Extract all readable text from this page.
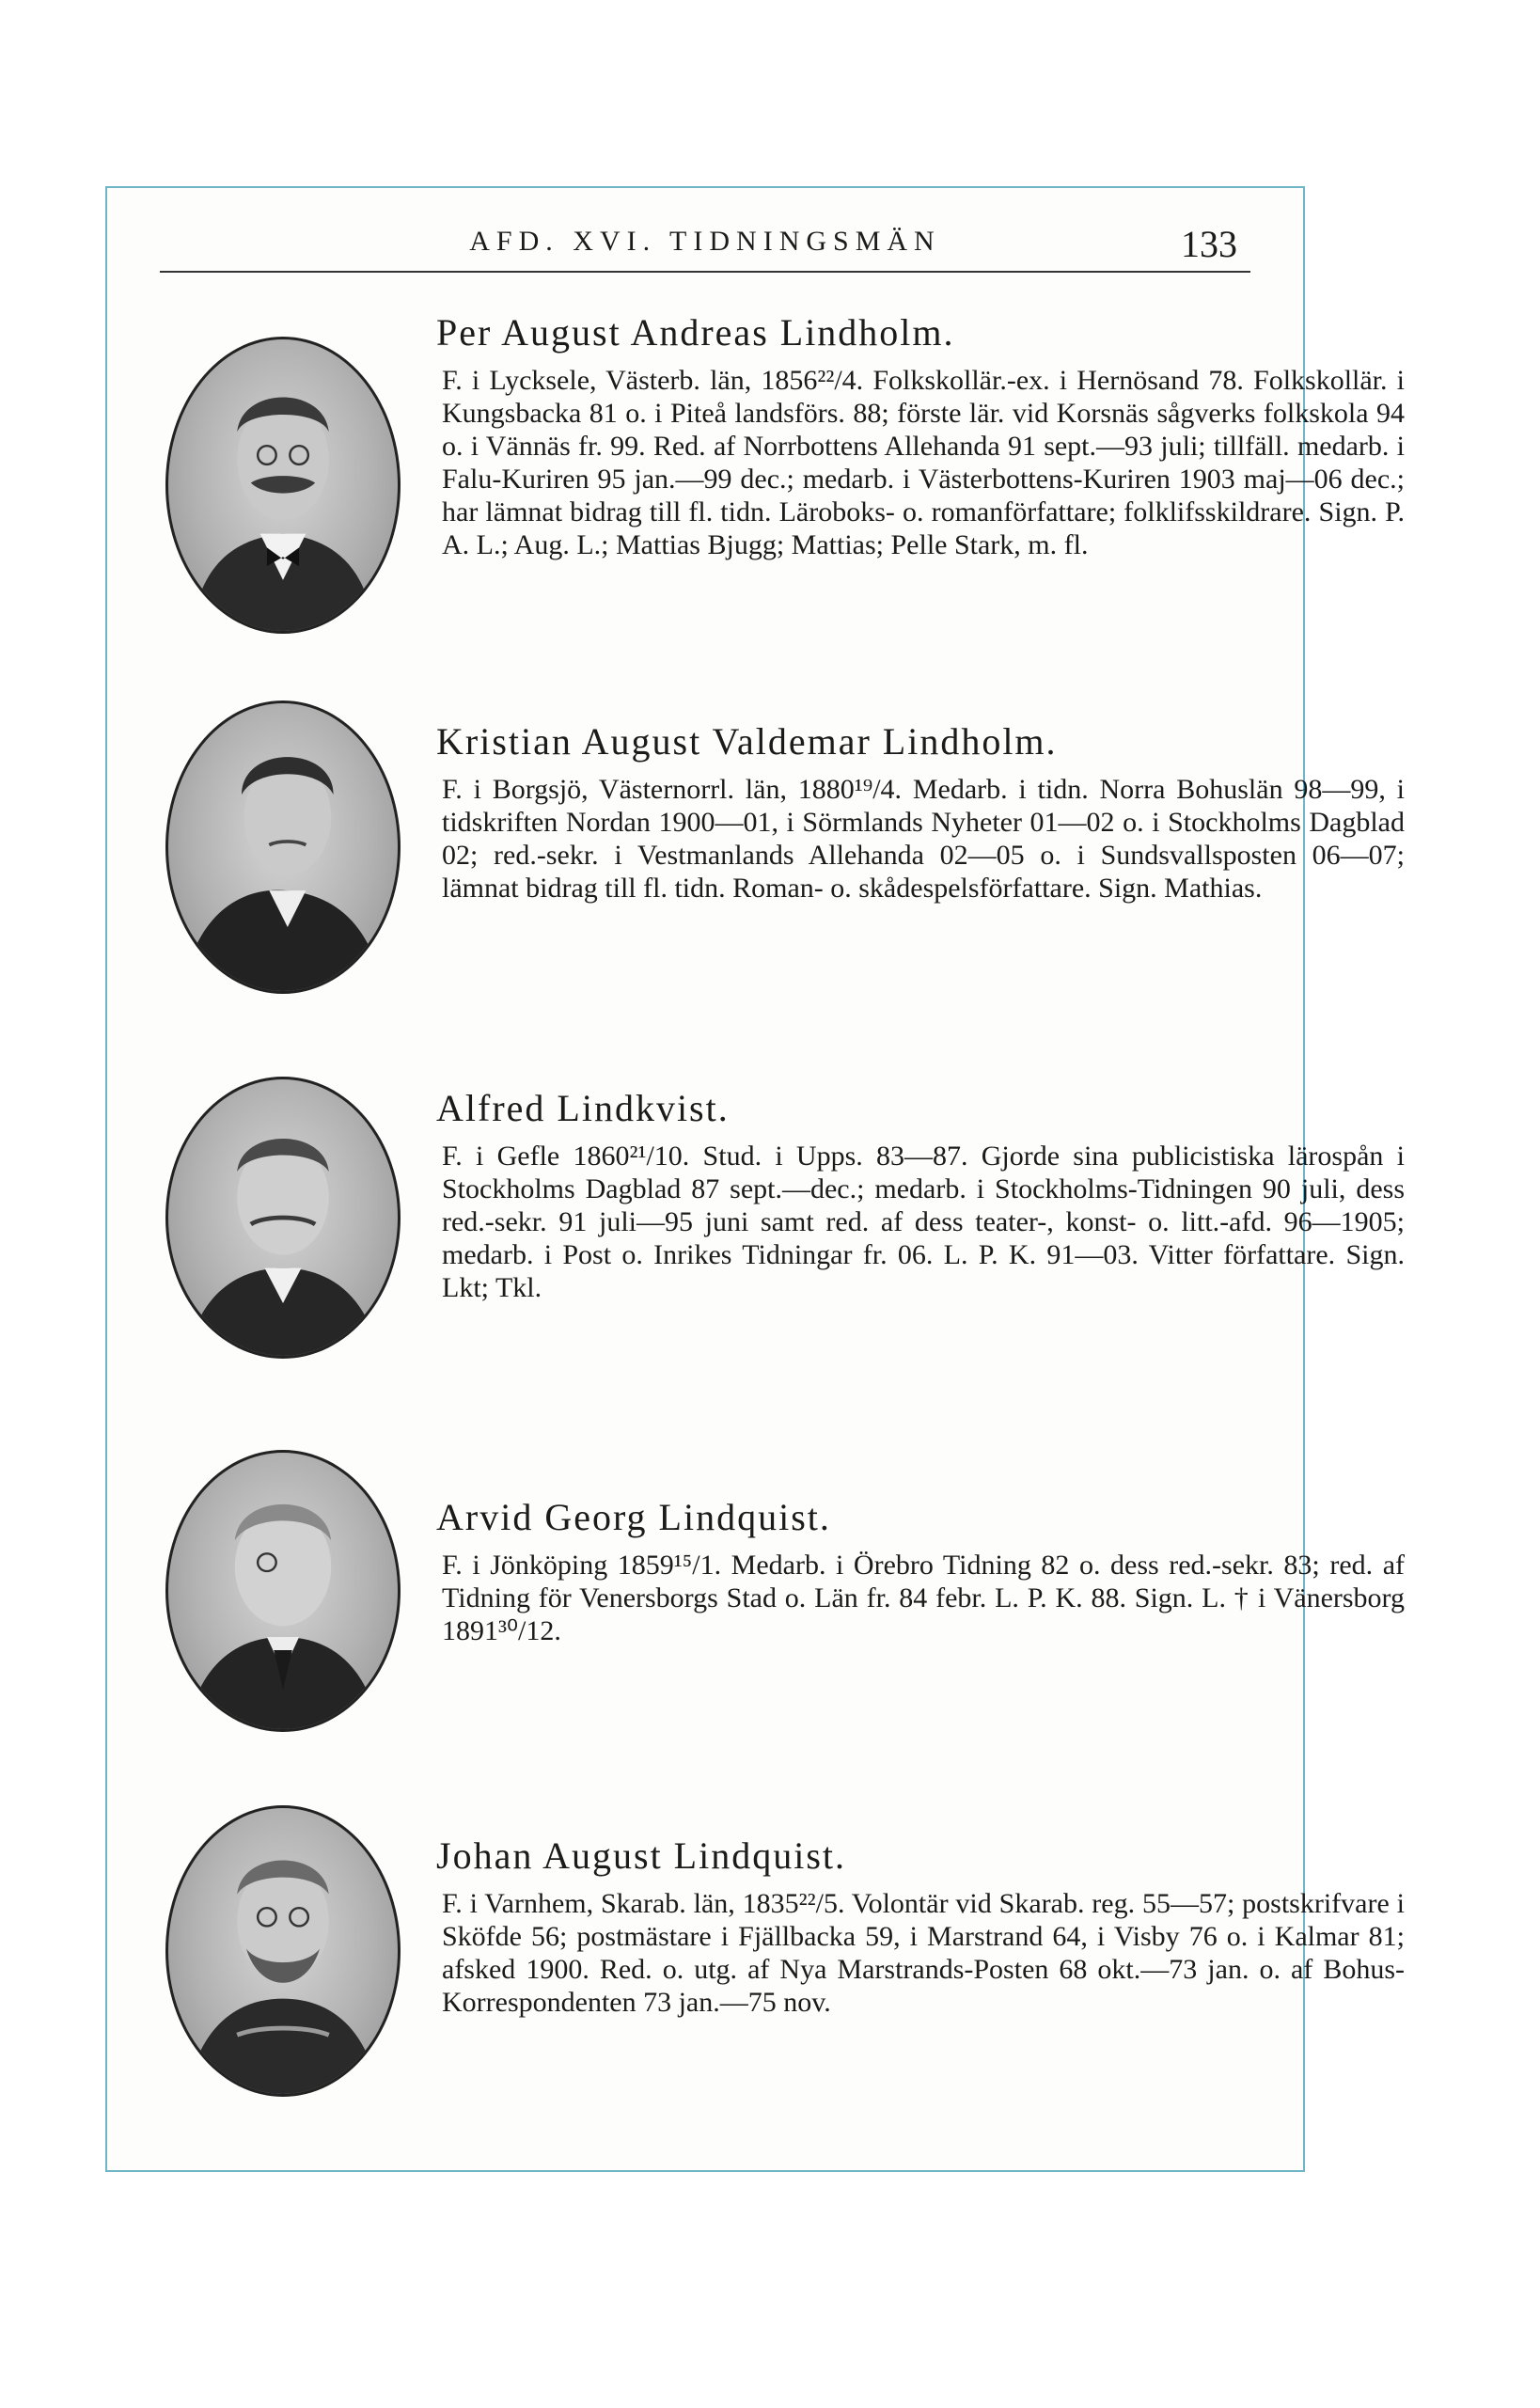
AFD. XVI. TIDNINGSMÄN	133
Per August Andreas Lindholm.
F. i Lycksele, Västerb. län, 1856²²/4. Folkskollär.-ex. i Hernösand 78. Folkskollär. i Kungsbacka 81 o. i Piteå landsförs. 88; förste lär. vid Korsnäs sågverks folkskola 94 o. i Vännäs fr. 99. Red. af Norrbottens Allehanda 91 sept.—93 juli; tillfäll. medarb. i Falu-Kuriren 95 jan.—99 dec.; medarb. i Västerbottens-Kuriren 1903 maj—06 dec.; har lämnat bidrag till fl. tidn. Läroboks- o. romanförfattare; folklifsskildrare. Sign. P. A. L.; Aug. L.; Mattias Bjugg; Mattias; Pelle Stark, m. fl.
Kristian August Valdemar Lindholm.
F. i Borgsjö, Västernorrl. län, 1880¹⁹/4. Medarb. i tidn. Norra Bohuslän 98—99, i tidskriften Nordan 1900—01, i Sörmlands Nyheter 01—02 o. i Stockholms Dagblad 02; red.-sekr. i Vestmanlands Allehanda 02—05 o. i Sundsvallsposten 06—07; lämnat bidrag till fl. tidn. Roman- o. skådespelsförfattare. Sign. Mathias.
Alfred Lindkvist.
F. i Gefle 1860²¹/10. Stud. i Upps. 83—87. Gjorde sina publicistiska lärospån i Stockholms Dagblad 87 sept.—dec.; medarb. i Stockholms-Tidningen 90 juli, dess red.-sekr. 91 juli—95 juni samt red. af dess teater-, konst- o. litt.-afd. 96—1905; medarb. i Post o. Inrikes Tidningar fr. 06. L. P. K. 91—03. Vitter författare. Sign. Lkt; Tkl.
Arvid Georg Lindquist.
F. i Jönköping 1859¹⁵/1. Medarb. i Örebro Tidning 82 o. dess red.-sekr. 83; red. af Tidning för Venersborgs Stad o. Län fr. 84 febr. L. P. K. 88. Sign. L. † i Vänersborg 1891³⁰/12.
Johan August Lindquist.
F. i Varnhem, Skarab. län, 1835²²/5. Volontär vid Skarab. reg. 55—57; postskrifvare i Sköfde 56; postmästare i Fjällbacka 59, i Marstrand 64, i Visby 76 o. i Kalmar 81; afsked 1900. Red. o. utg. af Nya Marstrands-Posten 68 okt.—73 jan. o. af Bohus-Korrespondenten 73 jan.—75 nov.
